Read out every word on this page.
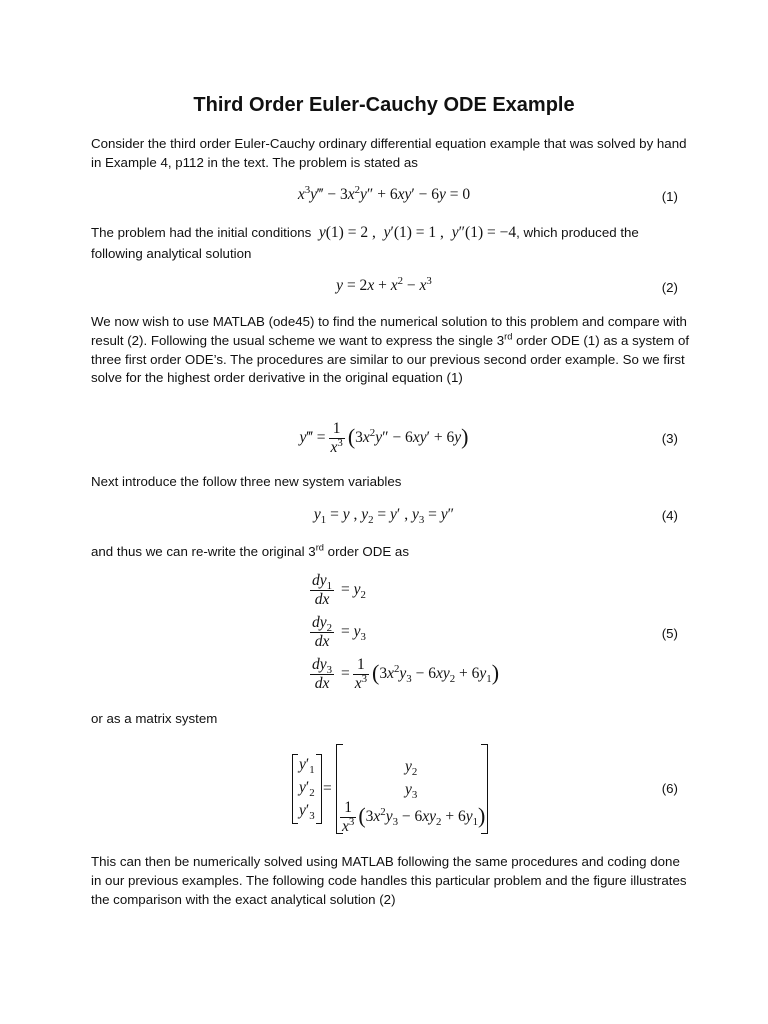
Third Order Euler-Cauchy ODE Example

Consider the third order Euler-Cauchy ordinary differential equation example that was solved by hand in Example 4, p112 in the text. The problem is stated as

$x^3y‴ - 3x^2y'' + 6xy' - 6y = 0$	(1)

The problem had the initial conditions y(1) = 2 ,  y′(1) = 1 ,  y″(1) = −4, which produced the following analytical solution

$y = 2x + x^2 - x^3$	(2)

We now wish to use MATLAB (ode45) to find the numerical solution to this problem and compare with result (2). Following the usual scheme we want to express the single 3rd order ODE (1) as a system of three first order ODE’s. The procedures are similar to our previous second order example. So we first solve for the highest order derivative in the original equation (1)

y‴ = $\frac{1}{x^3} (3x^2y'' - 6xy' + 6y)$	(3)

Next introduce the follow three new system variables

$y_1 = y$ , $y_2 = y'$ , $y_3 = y''$	(4)

and thus we can re-write the original 3rd order ODE as

$\frac{dy_1}{dx} = y_2$
$\frac{dy_2}{dx} = y_3$
$\frac{dy_3}{dx} = \frac{1}{x^3} (3x^2y_3 - 6xy_2 + 6y_1)$
(5)

or as a matrix system

$y'_1$
$y'_2$
$y'_3$
=
$y_2$
$y_3$
$\frac{1}{x^3} (3x^2y_3 - 6xy_2 + 6y_1)$
(6)

This can then be numerically solved using MATLAB following the same procedures and coding done in our previous examples. The following code handles this particular problem and the figure illustrates the comparison with the exact analytical solution (2)
